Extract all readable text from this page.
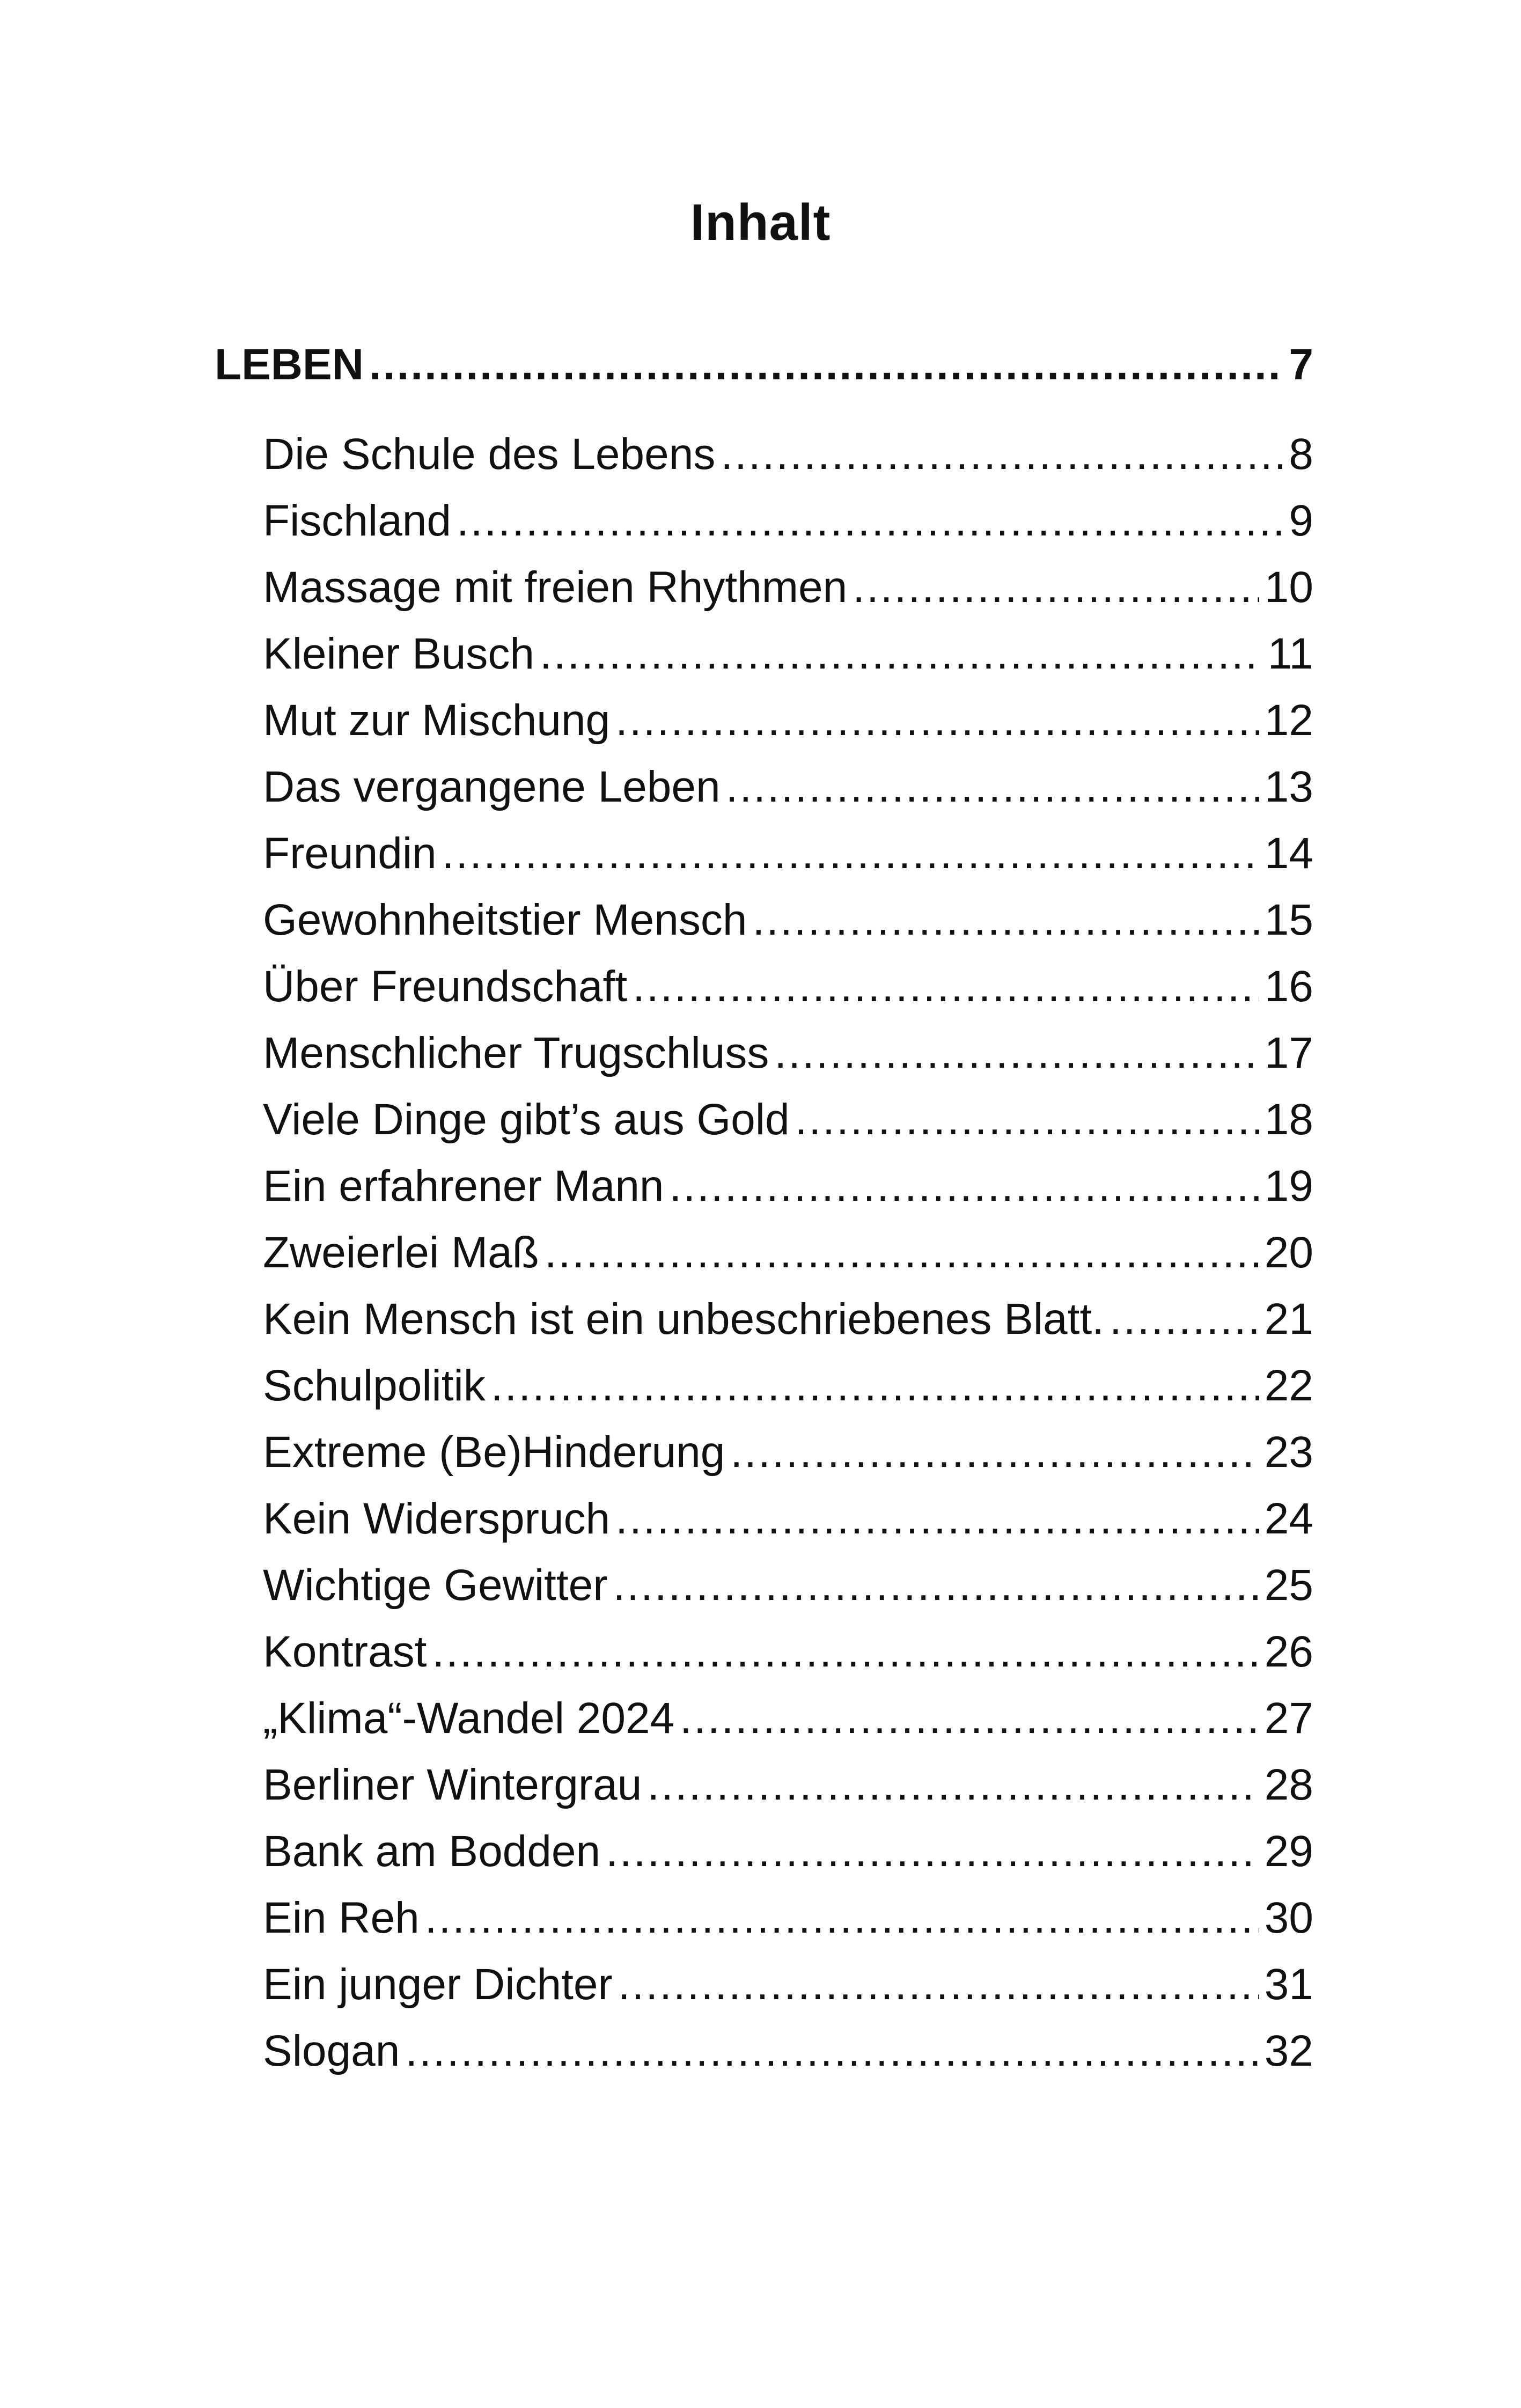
Inhalt
LEBEN .....	7
Die Schule des Lebens .....	8
Fischland .....	9
Massage mit freien Rhythmen .....	10
Kleiner Busch .....	11
Mut zur Mischung .....	12
Das vergangene Leben .....	13
Freundin .....	14
Gewohnheitstier Mensch .....	15
Über Freundschaft .....	16
Menschlicher Trugschluss .....	17
Viele Dinge gibt’s aus Gold .....	18
Ein erfahrener Mann .....	19
Zweierlei Maß .....	20
Kein Mensch ist ein unbeschriebenes Blatt. .....	21
Schulpolitik .....	22
Extreme (Be)Hinderung .....	23
Kein Widerspruch .....	24
Wichtige Gewitter .....	25
Kontrast .....	26
„Klima“-Wandel 2024 .....	27
Berliner Wintergrau .....	28
Bank am Bodden .....	29
Ein Reh .....	30
Ein junger Dichter .....	31
Slogan .....	32
